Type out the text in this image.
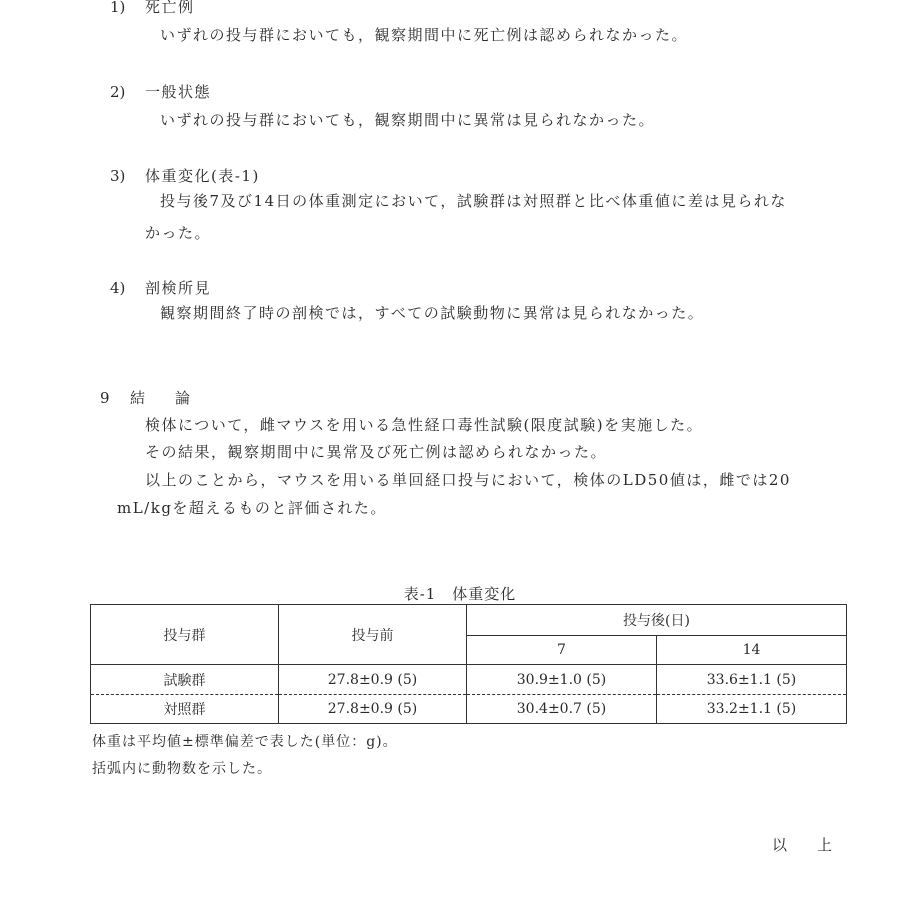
1) 死亡例
いずれの投与群においても，観察期間中に死亡例は認められなかった。
2) 一般状態
いずれの投与群においても，観察期間中に異常は見られなかった。
3) 体重変化(表-1)
投与後7及び14日の体重測定において，試験群は対照群と比べ体重値に差は見られな
かった。
4) 剖検所見
観察期間終了時の剖検では，すべての試験動物に異常は見られなかった。
9 結　　論
検体について，雌マウスを用いる急性経口毒性試験(限度試験)を実施した。
その結果，観察期間中に異常及び死亡例は認められなかった。
以上のことから，マウスを用いる単回経口投与において，検体のLD50値は，雌では20
mL/kgを超えるものと評価された。
表-1　体重変化
投与群	投与前	投与後(日)	
		7	14
試験群	27.8±0.9 (5)	30.9±1.0 (5)	33.6±1.1 (5)
対照群	27.8±0.9 (5)	30.4±0.7 (5)	33.2±1.1 (5)
体重は平均値±標準偏差で表した(単位：g)。
括弧内に動物数を示した。
以　　上
